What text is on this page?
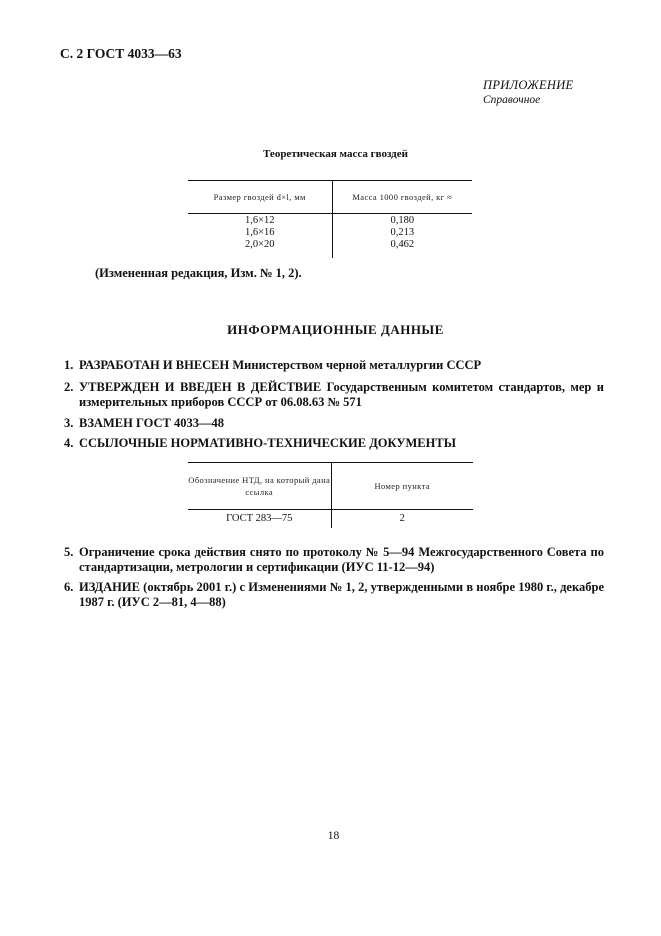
С. 2 ГОСТ 4033—63
ПРИЛОЖЕНИЕ
Справочное
Теоретическая масса гвоздей
Размер гвоздей d×l, мм	Масса 1000 гвоздей, кг ≈
1,6×12
1,6×16
2,0×20
0,180
0,213
0,462
(Измененная редакция, Изм. № 1, 2).
ИНФОРМАЦИОННЫЕ ДАННЫЕ
1. РАЗРАБОТАН И ВНЕСЕН Министерством черной металлургии СССР
2. УТВЕРЖДЕН И ВВЕДЕН В ДЕЙСТВИЕ Государственным комитетом стандартов, мер и измерительных приборов СССР от 06.08.63 № 571
3. ВЗАМЕН ГОСТ 4033—48
4. ССЫЛОЧНЫЕ НОРМАТИВНО-ТЕХНИЧЕСКИЕ ДОКУМЕНТЫ
Обозначение НТД, на который дана ссылка
Номер пункта
ГОСТ 283—75	2
5. Ограничение срока действия снято по протоколу № 5—94 Межгосударственного Совета по стандартизации, метрологии и сертификации (ИУС 11-12—94)
6. ИЗДАНИЕ (октябрь 2001 г.) с Изменениями № 1, 2, утвержденными в ноябре 1980 г., декабре 1987 г. (ИУС 2—81, 4—88)
18
